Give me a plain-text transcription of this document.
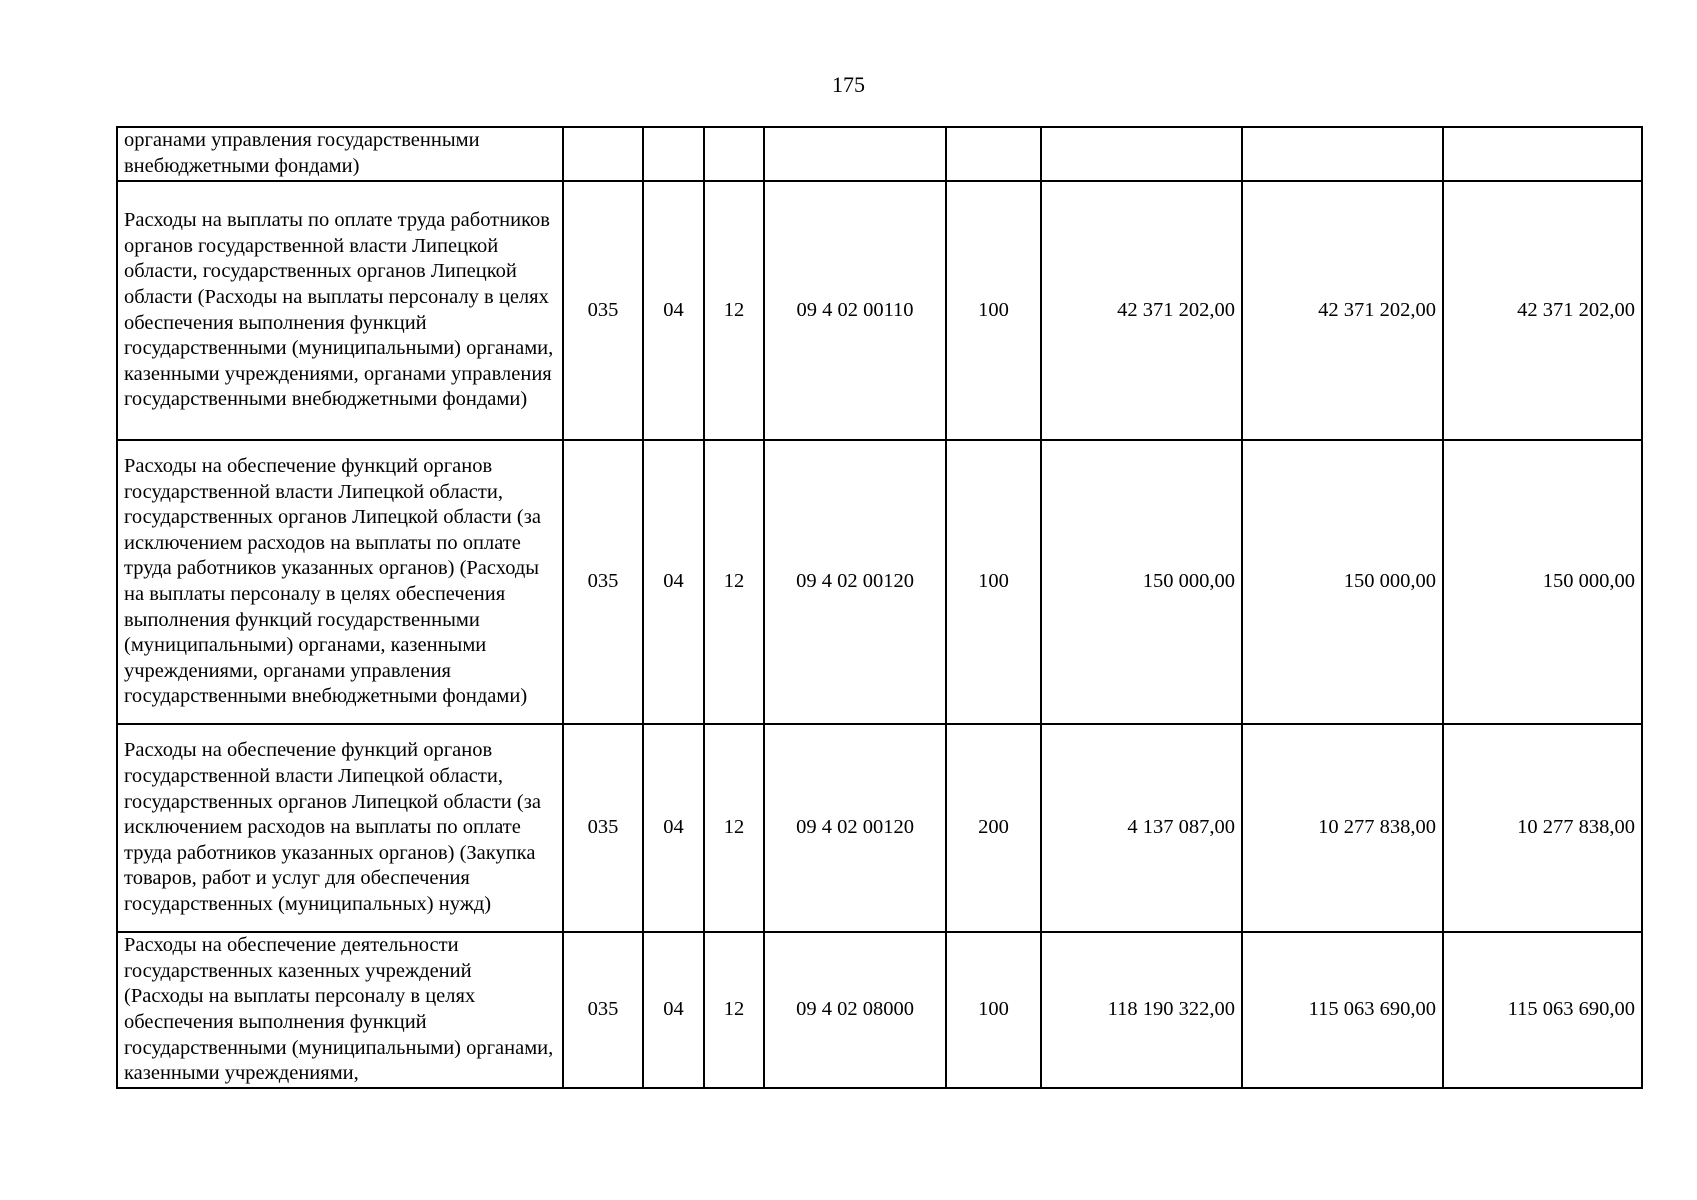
175
органами управления государственными внебюджетными фондами)								
Расходы на выплаты по оплате труда работников органов государственной власти Липецкой области, государственных органов Липецкой области (Расходы на выплаты персоналу в целях обеспечения выполнения функций государственными (муниципальными) органами, казенными учреждениями, органами управления государственными внебюджетными фондами)	035	04	12	09 4 02 00110	100	42 371 202,00	42 371 202,00	42 371 202,00
Расходы на обеспечение функций органов государственной власти Липецкой области, государственных органов Липецкой области (за исключением расходов на выплаты по оплате труда работников указанных органов) (Расходы на выплаты персоналу в целях обеспечения выполнения функций государственными (муниципальными) органами, казенными учреждениями, органами управления государственными внебюджетными фондами)	035	04	12	09 4 02 00120	100	150 000,00	150 000,00	150 000,00
Расходы на обеспечение функций органов государственной власти Липецкой области, государственных органов Липецкой области (за исключением расходов на выплаты по оплате труда работников указанных органов) (Закупка товаров, работ и услуг для обеспечения государственных (муниципальных) нужд)	035	04	12	09 4 02 00120	200	4 137 087,00	10 277 838,00	10 277 838,00
Расходы на обеспечение деятельности государственных казенных учреждений (Расходы на выплаты персоналу в целях обеспечения выполнения функций государственными (муниципальными) органами, казенными учреждениями,	035	04	12	09 4 02 08000	100	118 190 322,00	115 063 690,00	115 063 690,00
